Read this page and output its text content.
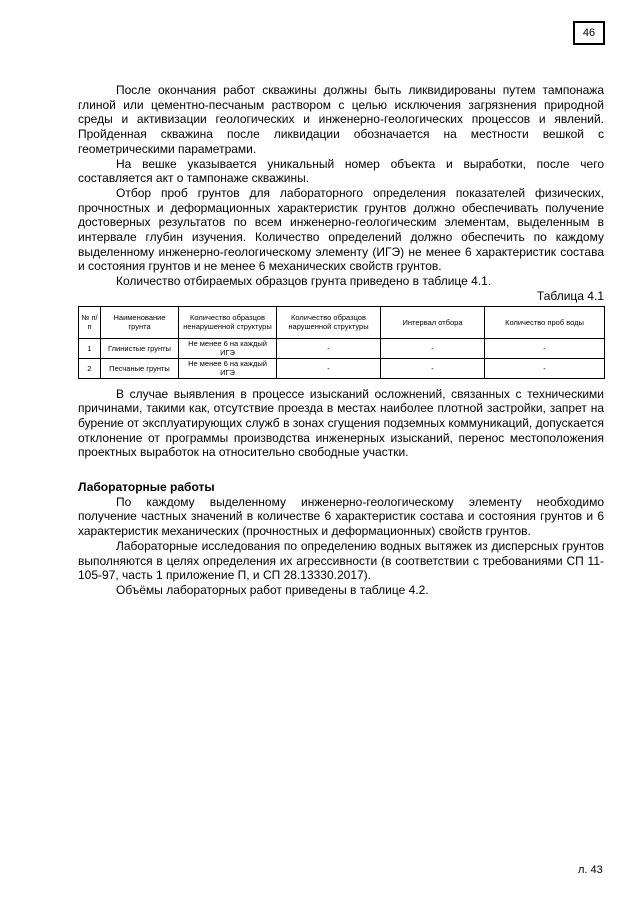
46

После окончания работ скважины должны быть ликвидированы путем тампонажа глиной или цементно-песчаным раствором с целью исключения загрязнения природной среды и активизации геологических и инженерно-геологических процессов и явлений. Пройденная скважина после ликвидации обозначается на местности вешкой с геометрическими параметрами.

На вешке указывается уникальный номер объекта и выработки, после чего составляется акт о тампонаже скважины.

Отбор проб грунтов для лабораторного определения показателей физических, прочностных и деформационных характеристик грунтов должно обеспечивать получение достоверных результатов по всем инженерно-геологическим элементам, выделенным в интервале глубин изучения. Количество определений должно обеспечить по каждому выделенному инженерно-геологическому элементу (ИГЭ) не менее 6 характеристик состава и состояния грунтов и не менее 6 механических свойств грунтов.

Количество отбираемых образцов грунта приведено в таблице 4.1.

Таблица 4.1
№ п/п	Наименование грунта	Количество образцов ненарушенной структуры	Количество образцов нарушенной структуры	Интервал отбора	Количество проб воды
1	Глинистые грунты	Не менее 6 на каждый ИГЭ	-	-	-
2	Песчаные грунты	Не менее 6 на каждый ИГЭ	-	-	-

В случае выявления в процессе изысканий осложнений, связанных с техническими причинами, такими как, отсутствие проезда в местах наиболее плотной застройки, запрет на бурение от эксплуатирующих служб в зонах сгущения подземных коммуникаций, допускается отклонение от программы производства инженерных изысканий, перенос местоположения проектных выработок на относительно свободные участки.

Лабораторные работы

По каждому выделенному инженерно-геологическому элементу необходимо получение частных значений в количестве 6 характеристик состава и состояния грунтов и 6 характеристик механических (прочностных и деформационных) свойств грунтов.

Лабораторные исследования по определению водных вытяжек из дисперсных грунтов выполняются в целях определения их агрессивности (в соответствии с требованиями СП 11-105-97, часть 1 приложение П, и СП 28.13330.2017).

Объёмы лабораторных работ приведены в таблице 4.2.

л. 43
